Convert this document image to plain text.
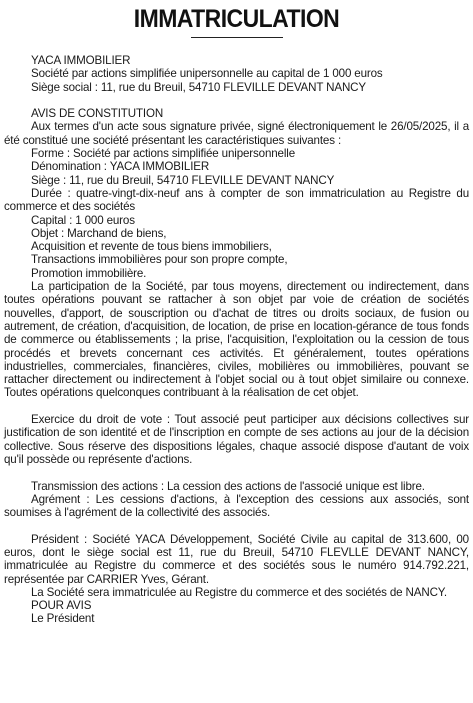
IMMATRICULATION

YACA IMMOBILIER

Société par actions simplifiée unipersonnelle au capital de 1 000 euros

Siège social : 11, rue du Breuil, 54710 FLEVILLE DEVANT NANCY

AVIS DE CONSTITUTION

Aux termes d'un acte sous signature privée, signé électroniquement le 26/05/2025, il a été constitué une société présentant les caractéristiques suivantes :

Forme : Société par actions simplifiée unipersonnelle

Dénomination : YACA IMMOBILIER

Siège : 11, rue du Breuil, 54710 FLEVILLE DEVANT NANCY

Durée : quatre-vingt-dix-neuf ans à compter de son immatriculation au Registre du commerce et des sociétés

Capital : 1 000 euros

Objet : Marchand de biens,

Acquisition et revente de tous biens immobiliers,

Transactions immobilières pour son propre compte,

Promotion immobilière.

La participation de la Société, par tous moyens, directement ou indirectement, dans toutes opérations pouvant se rattacher à son objet par voie de création de sociétés nouvelles, d'apport, de souscription ou d'achat de titres ou droits sociaux, de fusion ou autrement, de création, d'acquisition, de location, de prise en location-gérance de tous fonds de commerce ou établissements ; la prise, l'acquisition, l'exploitation ou la cession de tous procédés et brevets concernant ces activités. Et généralement, toutes opérations industrielles, commerciales, financières, civiles, mobilières ou immobilières, pouvant se rattacher directement ou indirectement à l'objet social ou à tout objet similaire ou connexe. Toutes opérations quelconques contribuant à la réalisation de cet objet.

Exercice du droit de vote : Tout associé peut participer aux décisions collectives sur justification de son identité et de l'inscription en compte de ses actions au jour de la décision collective. Sous réserve des dispositions légales, chaque associé dispose d'autant de voix qu'il possède ou représente d'actions.

Transmission des actions : La cession des actions de l'associé unique est libre.

Agrément : Les cessions d'actions, à l'exception des cessions aux associés, sont soumises à l'agrément de la collectivité des associés.

Président : Société YACA Développement, Société Civile au capital de 313.600, 00 euros, dont le siège social est 11, rue du Breuil, 54710 FLEVLLE DEVANT NANCY, immatriculée au Registre du commerce et des sociétés sous le numéro 914.792.221, représentée par CARRIER Yves, Gérant.

La Société sera immatriculée au Registre du commerce et des sociétés de NANCY.

POUR AVIS

Le Président
